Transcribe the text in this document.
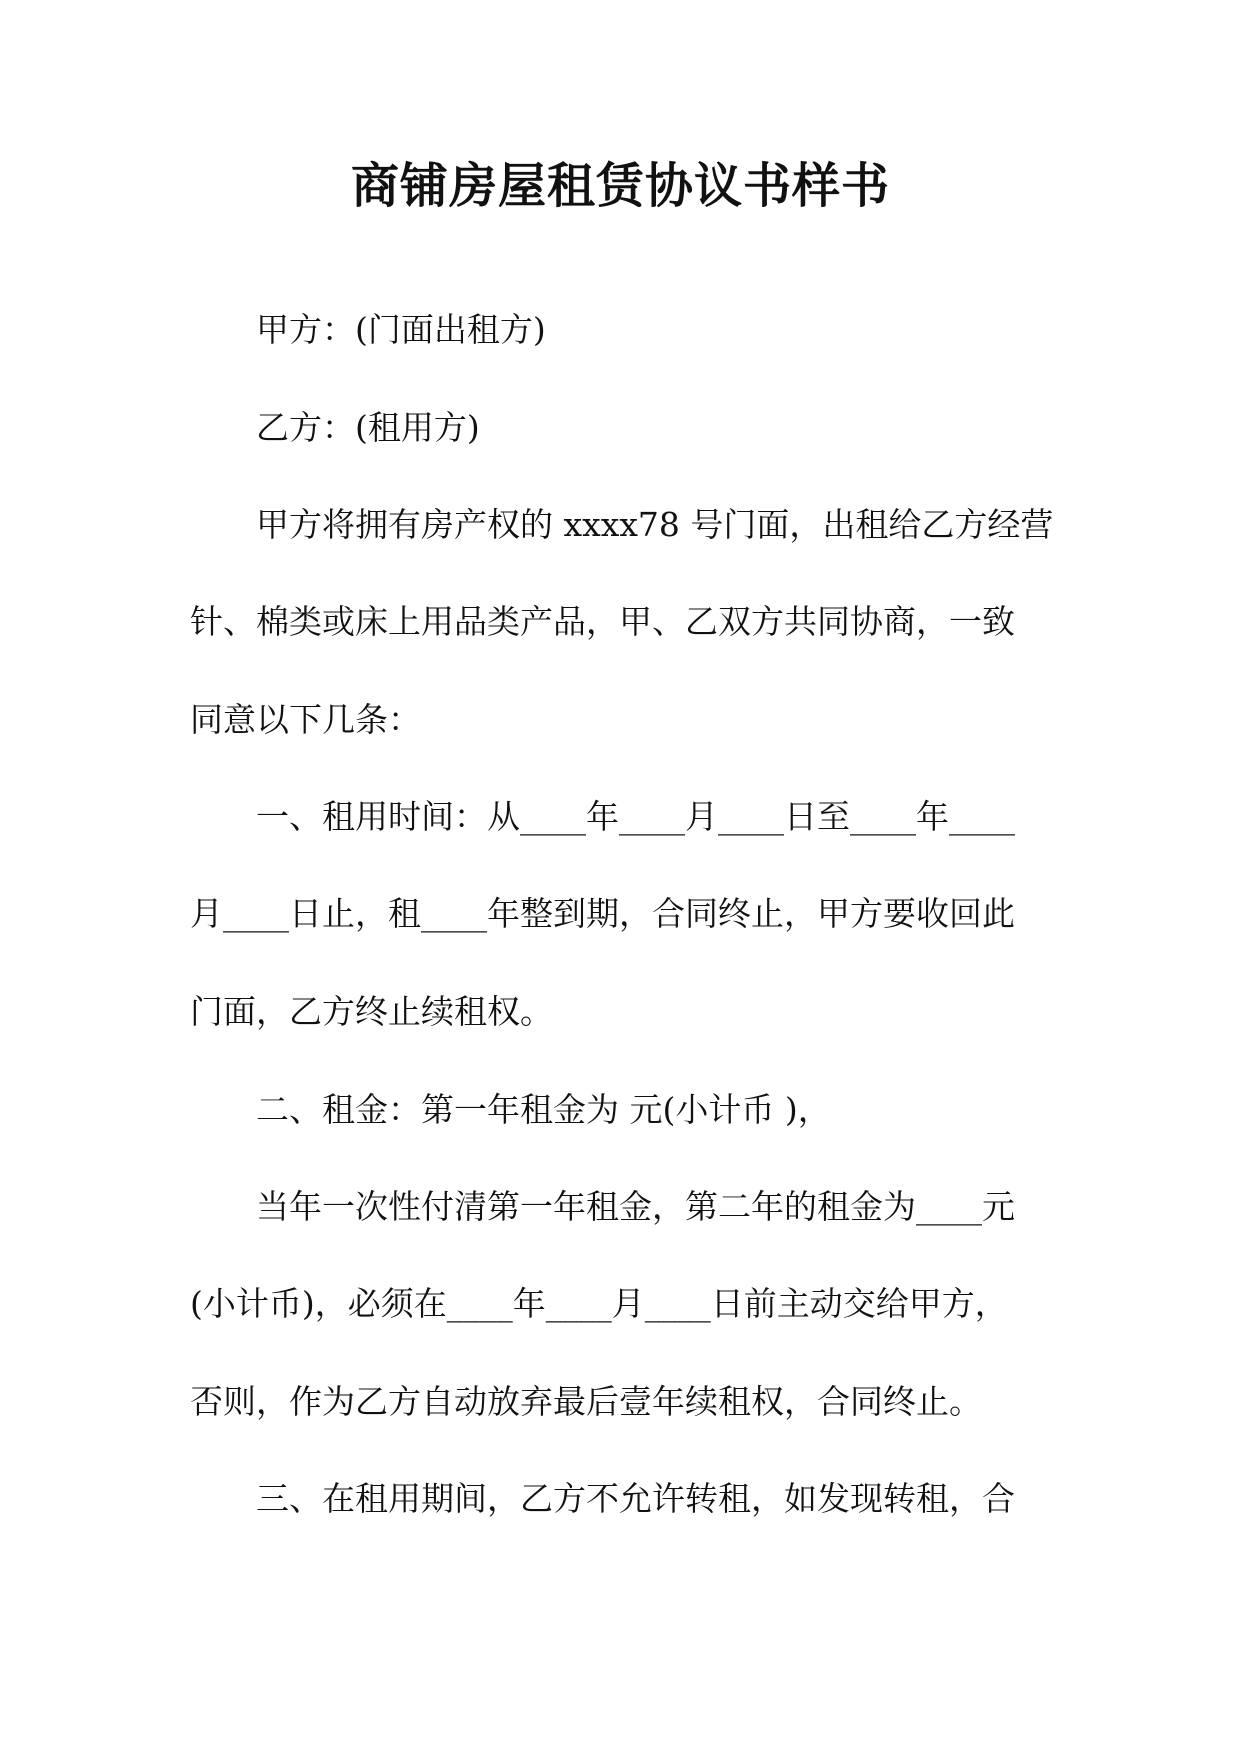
商铺房屋租赁协议书样书
甲方：(门面出租方)
乙方：(租用方)
甲方将拥有房产权的 xxxx78 号门面，出租给乙方经营
针、棉类或床上用品类产品，甲、乙双方共同协商，一致
同意以下几条：
一、租用时间：从____年____月____日至____年____
月____日止，租____年整到期，合同终止，甲方要收回此
门面，乙方终止续租权。
二、租金：第一年租金为 元(小计币 )，
当年一次性付清第一年租金，第二年的租金为____元
(小计币)，必须在____年____月____日前主动交给甲方，
否则，作为乙方自动放弃最后壹年续租权，合同终止。
三、在租用期间，乙方不允许转租，如发现转租，合
